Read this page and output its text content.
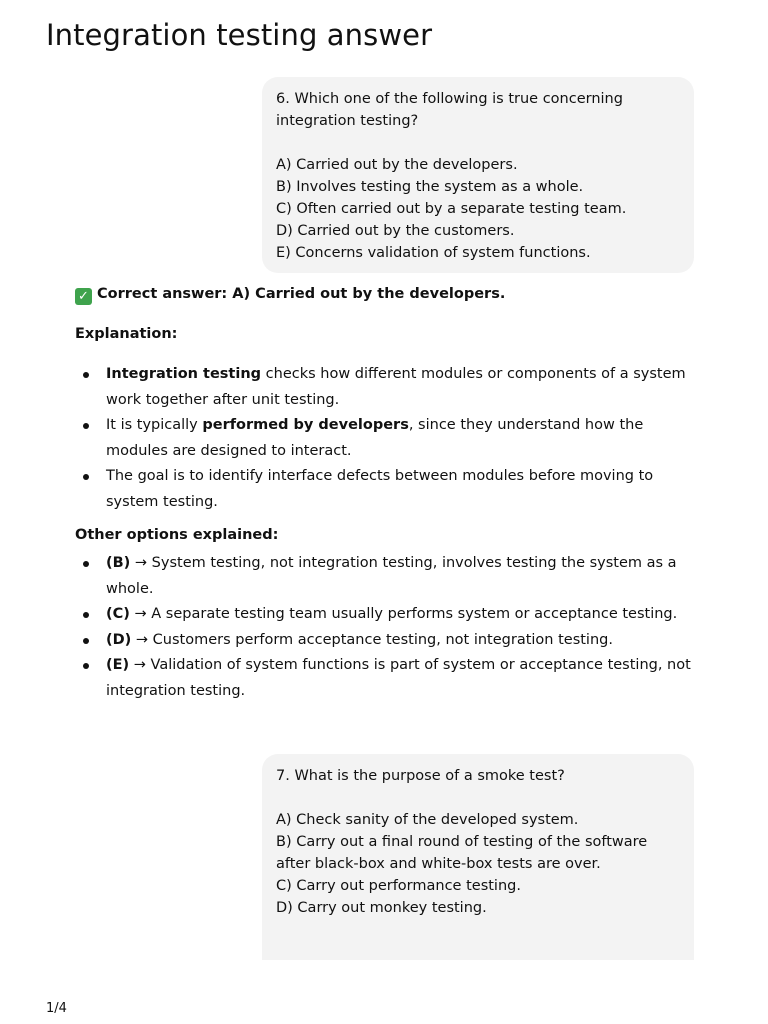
Integration testing answer
6. Which one of the following is true concerning integration testing?
A) Carried out by the developers.
B) Involves testing the system as a whole.
C) Often carried out by a separate testing team.
D) Carried out by the customers.
E) Concerns validation of system functions.
✓ Correct answer: A) Carried out by the developers.

Explanation:

Integration testing checks how different modules or components of a system work together after unit testing.
It is typically performed by developers, since they understand how the modules are designed to interact.
The goal is to identify interface defects between modules before moving to system testing.

Other options explained:

(B) → System testing, not integration testing, involves testing the system as a whole.
(C) → A separate testing team usually performs system or acceptance testing.
(D) → Customers perform acceptance testing, not integration testing.
(E) → Validation of system functions is part of system or acceptance testing, not integration testing.
7. What is the purpose of a smoke test?
A) Check sanity of the developed system.
B) Carry out a final round of testing of the software after black-box and white-box tests are over.
C) Carry out performance testing.
D) Carry out monkey testing.
1/4
